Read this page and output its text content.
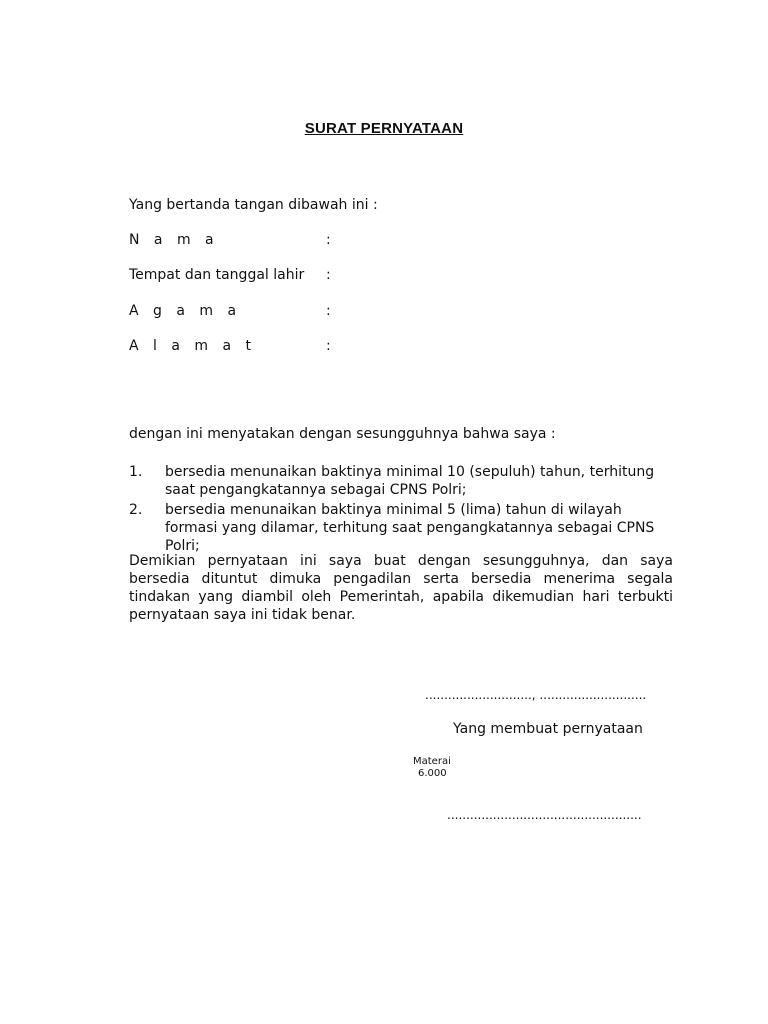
SURAT PERNYATAAN
Yang bertanda tangan dibawah ini :
N a m a	:
Tempat dan tanggal lahir :
A g a m a	:
A l a m a t	:
dengan ini menyatakan dengan sesungguhnya bahwa saya :
1. bersedia menunaikan baktinya minimal 10 (sepuluh) tahun, terhitung saat pengangkatannya sebagai CPNS Polri;
2. bersedia menunaikan baktinya minimal 5 (lima) tahun di wilayah formasi yang dilamar, terhitung saat pengangkatannya sebagai CPNS Polri;
Demikian pernyataan ini saya buat dengan sesungguhnya, dan saya bersedia dituntut dimuka pengadilan serta bersedia menerima segala tindakan yang diambil oleh Pemerintah, apabila dikemudian hari terbukti pernyataan saya ini tidak benar.
............................, ............................
Yang membuat pernyataan
Materai
6.000
...................................................
